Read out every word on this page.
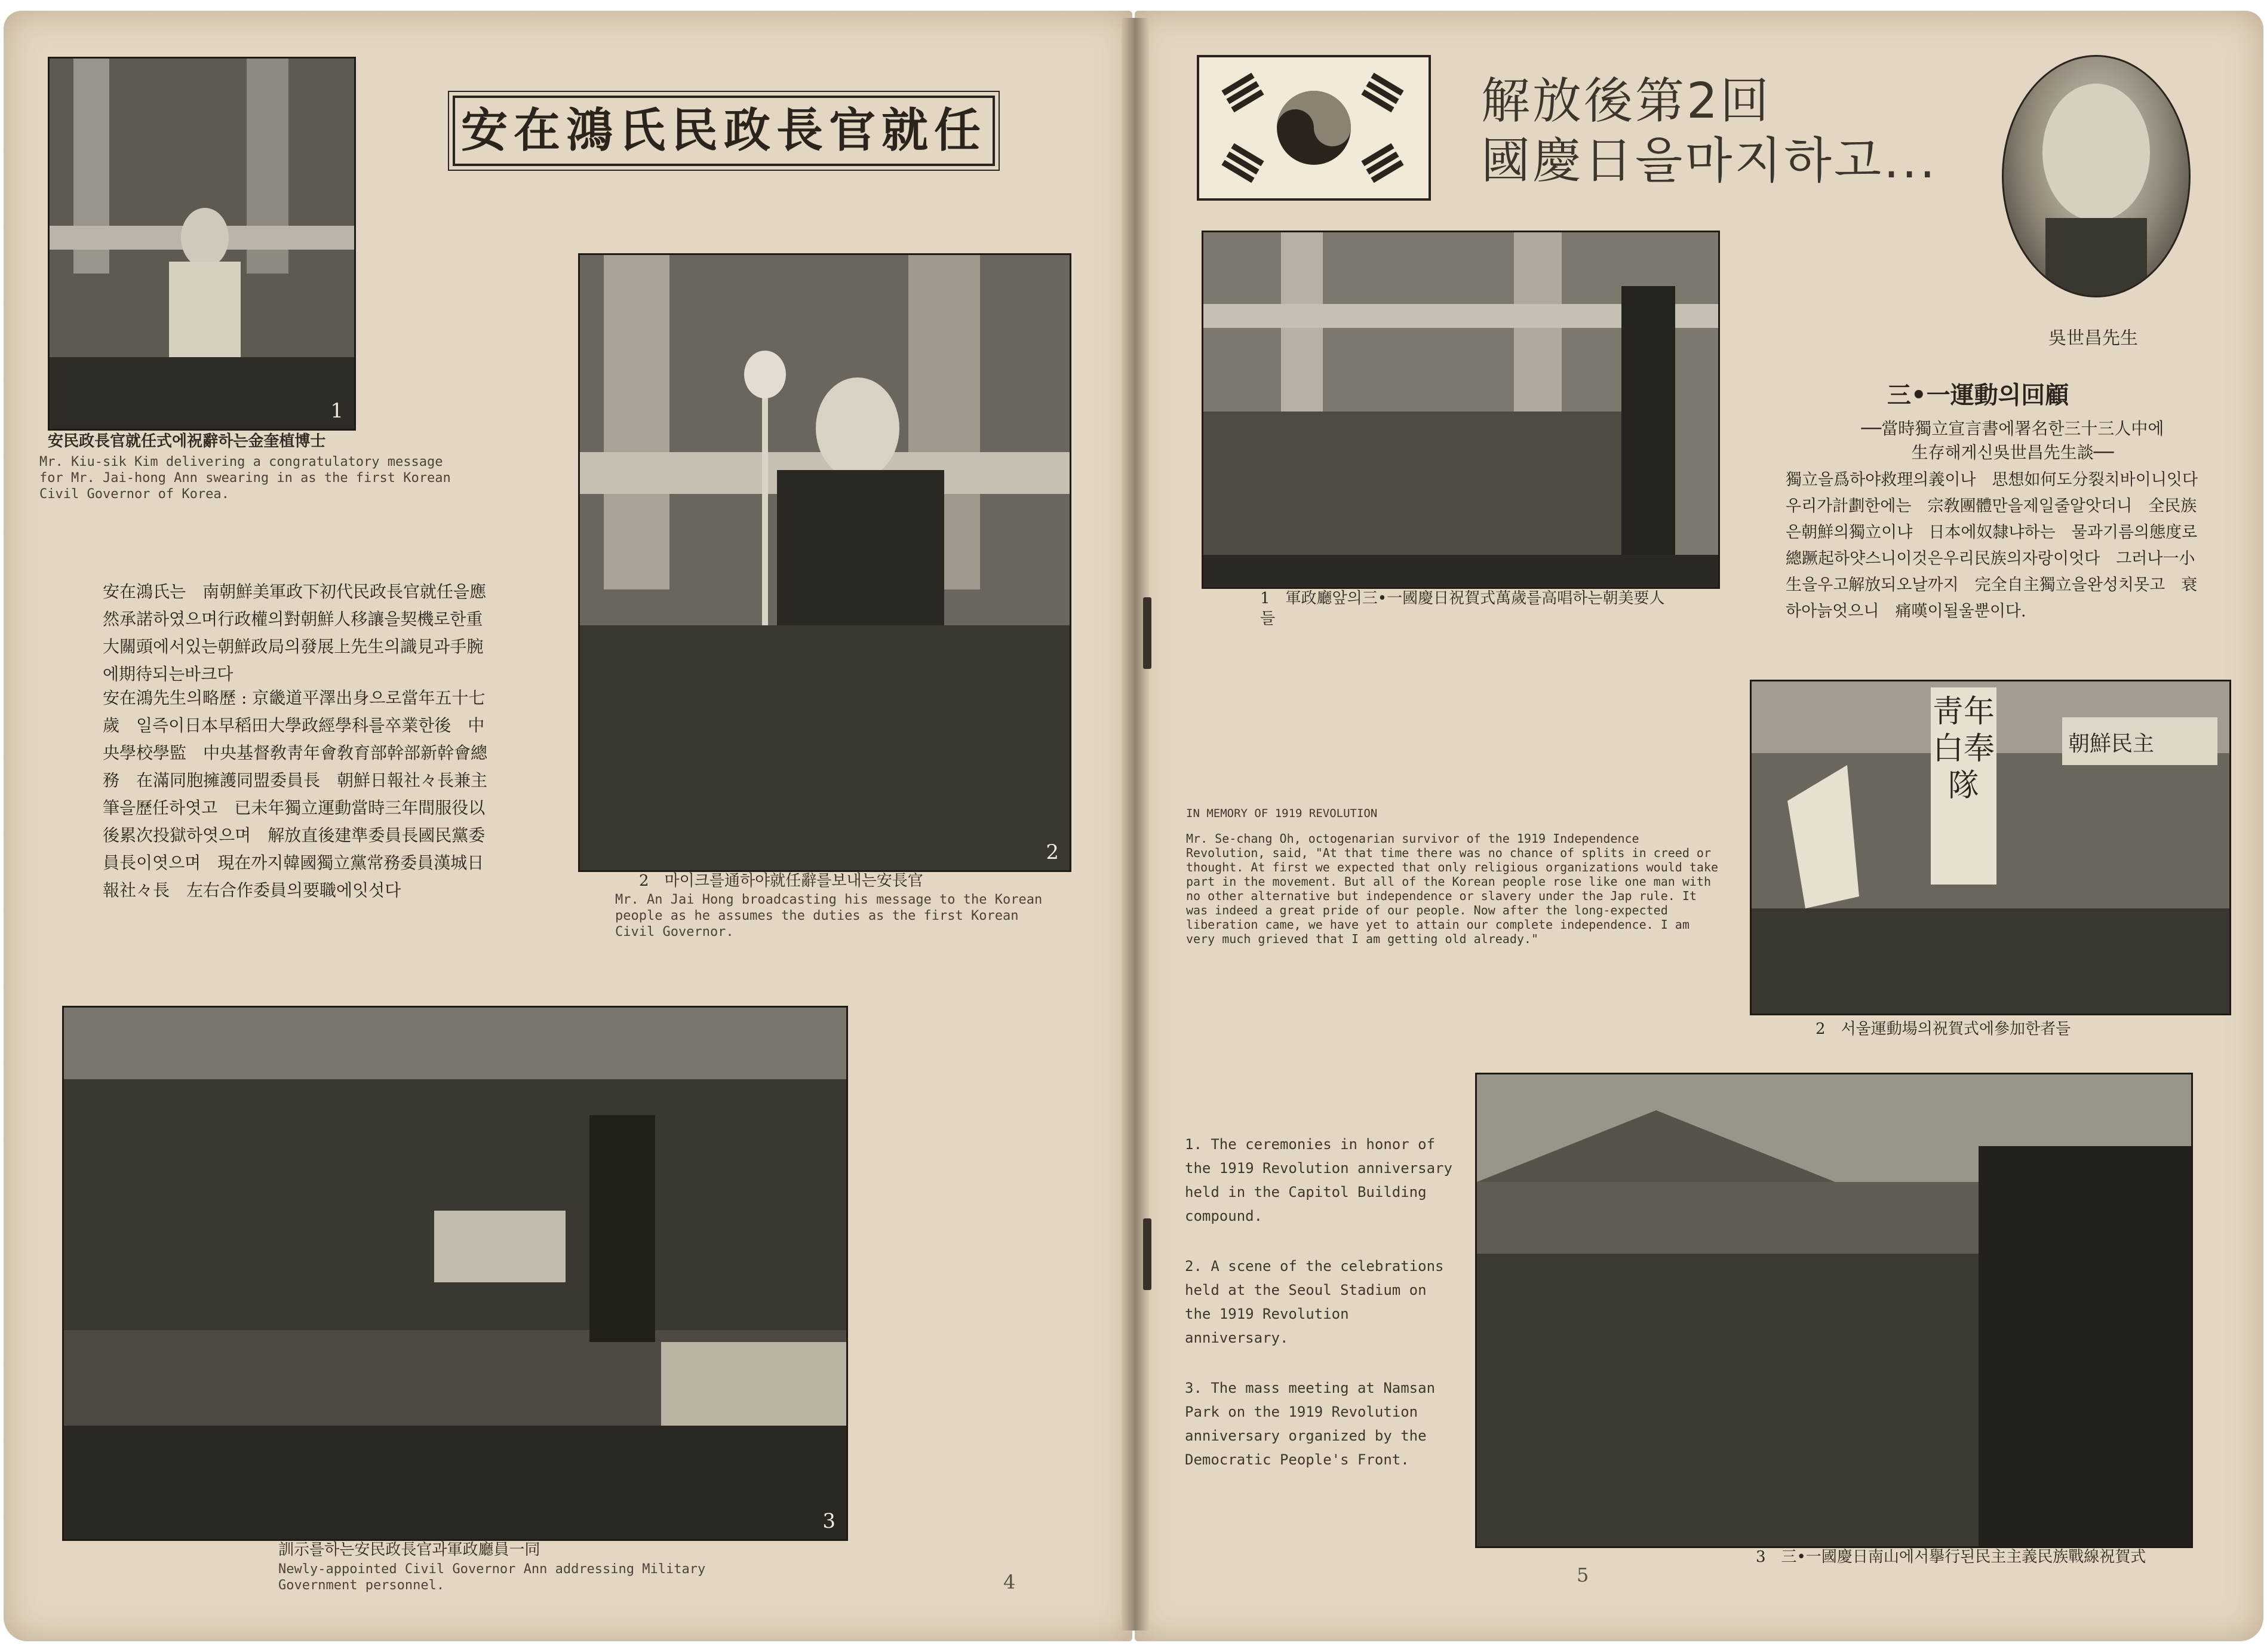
1
安民政長官就任式에祝辭하는金奎植博士
Mr. Kiu-sik Kim delivering a congratulatory message for Mr. Jai-hong Ann swearing in as the first Korean Civil Governor of Korea.
安在鴻氏民政長官就任
2
2　마이크를通하야就任辭를보내는安長官
Mr. An Jai Hong broadcasting his message to the Korean people as he assumes the duties as the first Korean Civil Governor.
安在鴻氏는　南朝鮮美軍政下初代民政長官就任을應然承諾하였으며行政權의對朝鮮人移讓을契機로한重大關頭에서있는朝鮮政局의發展上先生의識見과手腕에期待되는바크다
安在鴻先生의略歷 : 京畿道平澤出身으로當年五十七歲　일즉이日本早稻田大學政經學科를卒業한後　中央學校學監　中央基督敎靑年會敎育部幹部新幹會總務　在滿同胞擁護同盟委員長　朝鮮日報社々長兼主筆을歷任하엿고　已未年獨立運動當時三年間服役以後累次投獄하엿으며　解放直後建準委員長國民黨委員長이엿으며　現在까지韓國獨立黨常務委員漢城日報社々長　左右合作委員의要職에잇섯다
3
訓示를하는安民政長官과軍政廳員一同
Newly-appointed Civil Governor Ann addressing Military Government personnel.	4
解放後第2回
國慶日을마지하고...
吳世昌先生
1　軍政廳앞의三•一國慶日祝賀式萬歲를高唱하는朝美要人들
三•一運動의回顧
──當時獨立宣言書에署名한三十三人中에
生存해게신吳世昌先生談──
獨立을爲하야救理의義이나　思想如何도分裂치바이니잇다　우리가計劃한에는　宗敎團體만을제일줄알앗더니　全民族은朝鮮의獨立이냐　日本에奴隸냐하는　물과기름의態度로　總蹶起하얏스니이것은우리民族의자랑이엇다　그러나一小生을우고解放되오날까지　完全自主獨立을완성치못고　衰하아늙엇으니　痛嘆이될울뿐이다.
靑年白奉隊
朝鮮民主
2　서울運動場의祝賀式에參加한者들
IN MEMORY OF 1919 REVOLUTION
Mr. Se-chang Oh, octogenarian survivor of the 1919 Independence Revolution, said, "At that time there was no chance of splits in creed or thought. At first we expected that only religious organizations would take part in the movement. But all of the Korean people rose like one man with no other alternative but independence or slavery under the Jap rule. It was indeed a great pride of our people. Now after the long-expected liberation came, we have yet to attain our complete independence. I am very much grieved that I am getting old already."

1. The ceremonies in honor of the 1919 Revolution anniversary held in the Capitol Building compound.

2. A scene of the celebrations held at the Seoul Stadium on the 1919 Revolution anniversary.

3. The mass meeting at Namsan Park on the 1919 Revolution anniversary organized by the Democratic People's Front.

3　三•一國慶日南山에서擧行된民主主義民族戰線祝賀式
5
